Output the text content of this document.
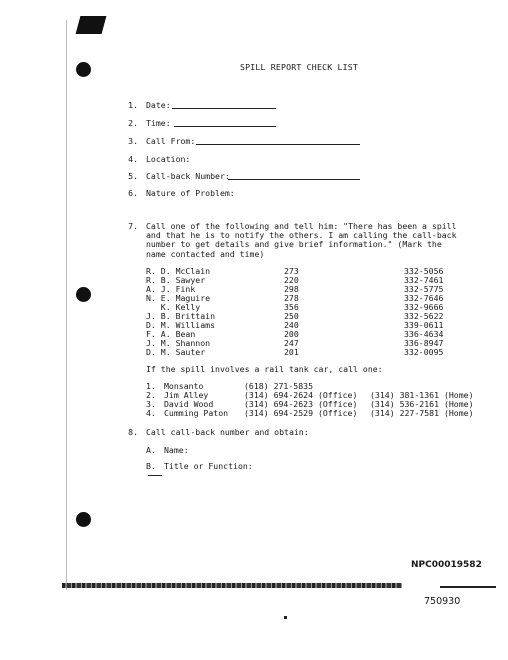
SPILL REPORT CHECK LIST
1. Date:
2. Time:
3. Call From:
4. Location:
5. Call-back Number:
6. Nature of Problem:
7. Call one of the following and tell him: "There has been a spill and that he is to notify the others. I am calling the call-back number to get details and give brief information." (Mark the name contacted and time)
R. D. McClain	273	332-5056
R. B. Sawyer	220	332-7461
A. J. Fink	298	332-5775
N. E. Maguire	278	332-7646
K. Kelly	356	332-9666
J. B. Brittain	250	332-5622
D. M. Williams	240	339-0611
F. A. Bean	200	336-4634
J. M. Shannon	247	336-8947
D. M. Sauter	201	332-0095
If the spill involves a rail tank car, call one:
1. Monsanto	(618) 271-5835
2. Jim Alley	(314) 694-2624 (Office) (314) 381-1361 (Home)
3. David Wood	(314) 694-2623 (Office) (314) 536-2161 (Home)
4. Cumming Paton (314) 694-2529 (Office) (314) 227-7581 (Home)
8. Call call-back number and obtain:
A. Name:
B. Title or Function:
NPC00019582
750930
